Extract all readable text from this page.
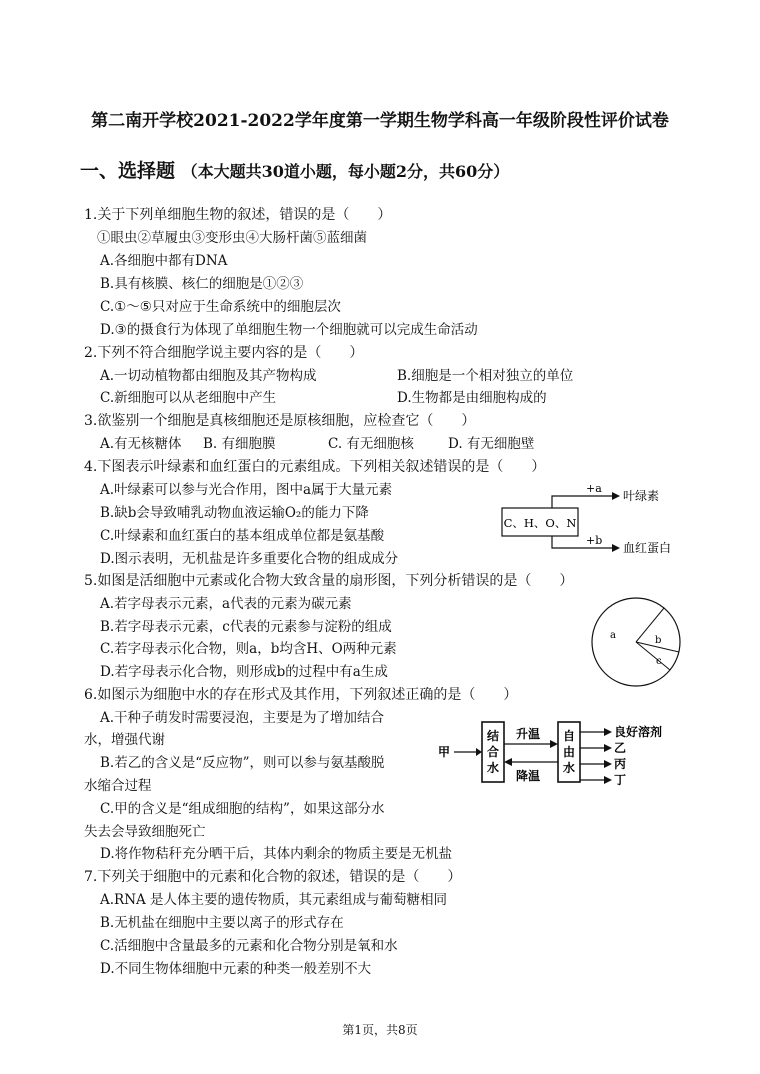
第二南开学校2021-2022学年度第一学期生物学科高一年级阶段性评价试卷
一、选择题 （本大题共30道小题，每小题2分，共60分）
1.关于下列单细胞生物的叙述，错误的是（　　）
①眼虫②草履虫③变形虫④大肠杆菌⑤蓝细菌
A.各细胞中都有DNA
B.具有核膜、核仁的细胞是①②③
C.①～⑤只对应于生命系统中的细胞层次
D.③的摄食行为体现了单细胞生物一个细胞就可以完成生命活动
2.下列不符合细胞学说主要内容的是（　　）
A.一切动植物都由细胞及其产物构成	B.细胞是一个相对独立的单位
C.新细胞可以从老细胞中产生	D.生物都是由细胞构成的
3.欲鉴别一个细胞是真核细胞还是原核细胞，应检查它（　　）
A.有无核糖体 B. 有细胞膜	C. 有无细胞核	D. 有无细胞壁
4.下图表示叶绿素和血红蛋白的元素组成。下列相关叙述错误的是（　　）
A.叶绿素可以参与光合作用，图中a属于大量元素
B.缺b会导致哺乳动物血液运输O₂的能力下降
C.叶绿素和血红蛋白的基本组成单位都是氨基酸
D.图示表明，无机盐是许多重要化合物的组成成分
C、H、O、N
+a
叶绿素
+b
血红蛋白
5.如图是活细胞中元素或化合物大致含量的扇形图，下列分析错误的是（　　）
A.若字母表示元素，a代表的元素为碳元素
B.若字母表示元素，c代表的元素参与淀粉的组成
C.若字母表示化合物，则a，b均含H、O两种元素
D.若字母表示化合物，则形成b的过程中有a生成
a	b
c
6.如图示为细胞中水的存在形式及其作用，下列叙述正确的是（　　）
A.干种子萌发时需要浸泡，主要是为了增加结合
水，增强代谢
B.若乙的含义是“反应物”，则可以参与氨基酸脱
水缩合过程
C.甲的含义是“组成细胞的结构”，如果这部分水
失去会导致细胞死亡
D.将作物秸秆充分晒干后，其体内剩余的物质主要是无机盐
甲
结合水
升温
降温
自由水
良好溶剂
乙
丙
丁
7.下列关于细胞中的元素和化合物的叙述，错误的是（　　）
A.RNA 是人体主要的遗传物质，其元素组成与葡萄糖相同
B.无机盐在细胞中主要以离子的形式存在
C.活细胞中含量最多的元素和化合物分别是氧和水
D.不同生物体细胞中元素的种类一般差别不大
第1页，共8页
